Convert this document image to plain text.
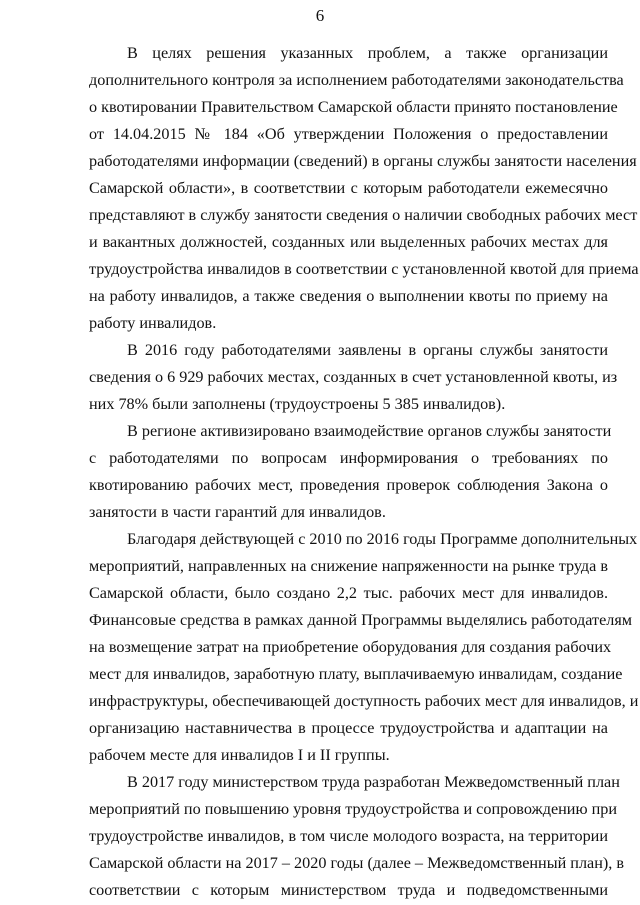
6
В целях решения указанных проблем, а также организации
дополнительного контроля за исполнением работодателями законодательства
о квотировании Правительством Самарской области принято постановление
от 14.04.2015 № 184 «Об утверждении Положения о предоставлении
работодателями информации (сведений) в органы службы занятости населения
Самарской области», в соответствии с которым работодатели ежемесячно
представляют в службу занятости сведения о наличии свободных рабочих мест
и вакантных должностей, созданных или выделенных рабочих местах для
трудоустройства инвалидов в соответствии с установленной квотой для приема
на работу инвалидов, а также сведения о выполнении квоты по приему на
работу инвалидов.
В 2016 году работодателями заявлены в органы службы занятости
сведения о 6 929 рабочих местах, созданных в счет установленной квоты, из
них 78% были заполнены (трудоустроены 5 385 инвалидов).
В регионе активизировано взаимодействие органов службы занятости
с работодателями по вопросам информирования о требованиях по
квотированию рабочих мест, проведения проверок соблюдения Закона о
занятости в части гарантий для инвалидов.
Благодаря действующей с 2010 по 2016 годы Программе дополнительных
мероприятий, направленных на снижение напряженности на рынке труда в
Самарской области, было создано 2,2 тыс. рабочих мест для инвалидов.
Финансовые средства в рамках данной Программы выделялись работодателям
на возмещение затрат на приобретение оборудования для создания рабочих
мест для инвалидов, заработную плату, выплачиваемую инвалидам, создание
инфраструктуры, обеспечивающей доступность рабочих мест для инвалидов, и
организацию наставничества в процессе трудоустройства и адаптации на
рабочем месте для инвалидов I и II группы.
В 2017 году министерством труда разработан Межведомственный план
мероприятий по повышению уровня трудоустройства и сопровождению при
трудоустройстве инвалидов, в том числе молодого возраста, на территории
Самарской области на 2017 – 2020 годы (далее – Межведомственный план), в
соответствии с которым министерством труда и подведомственными
